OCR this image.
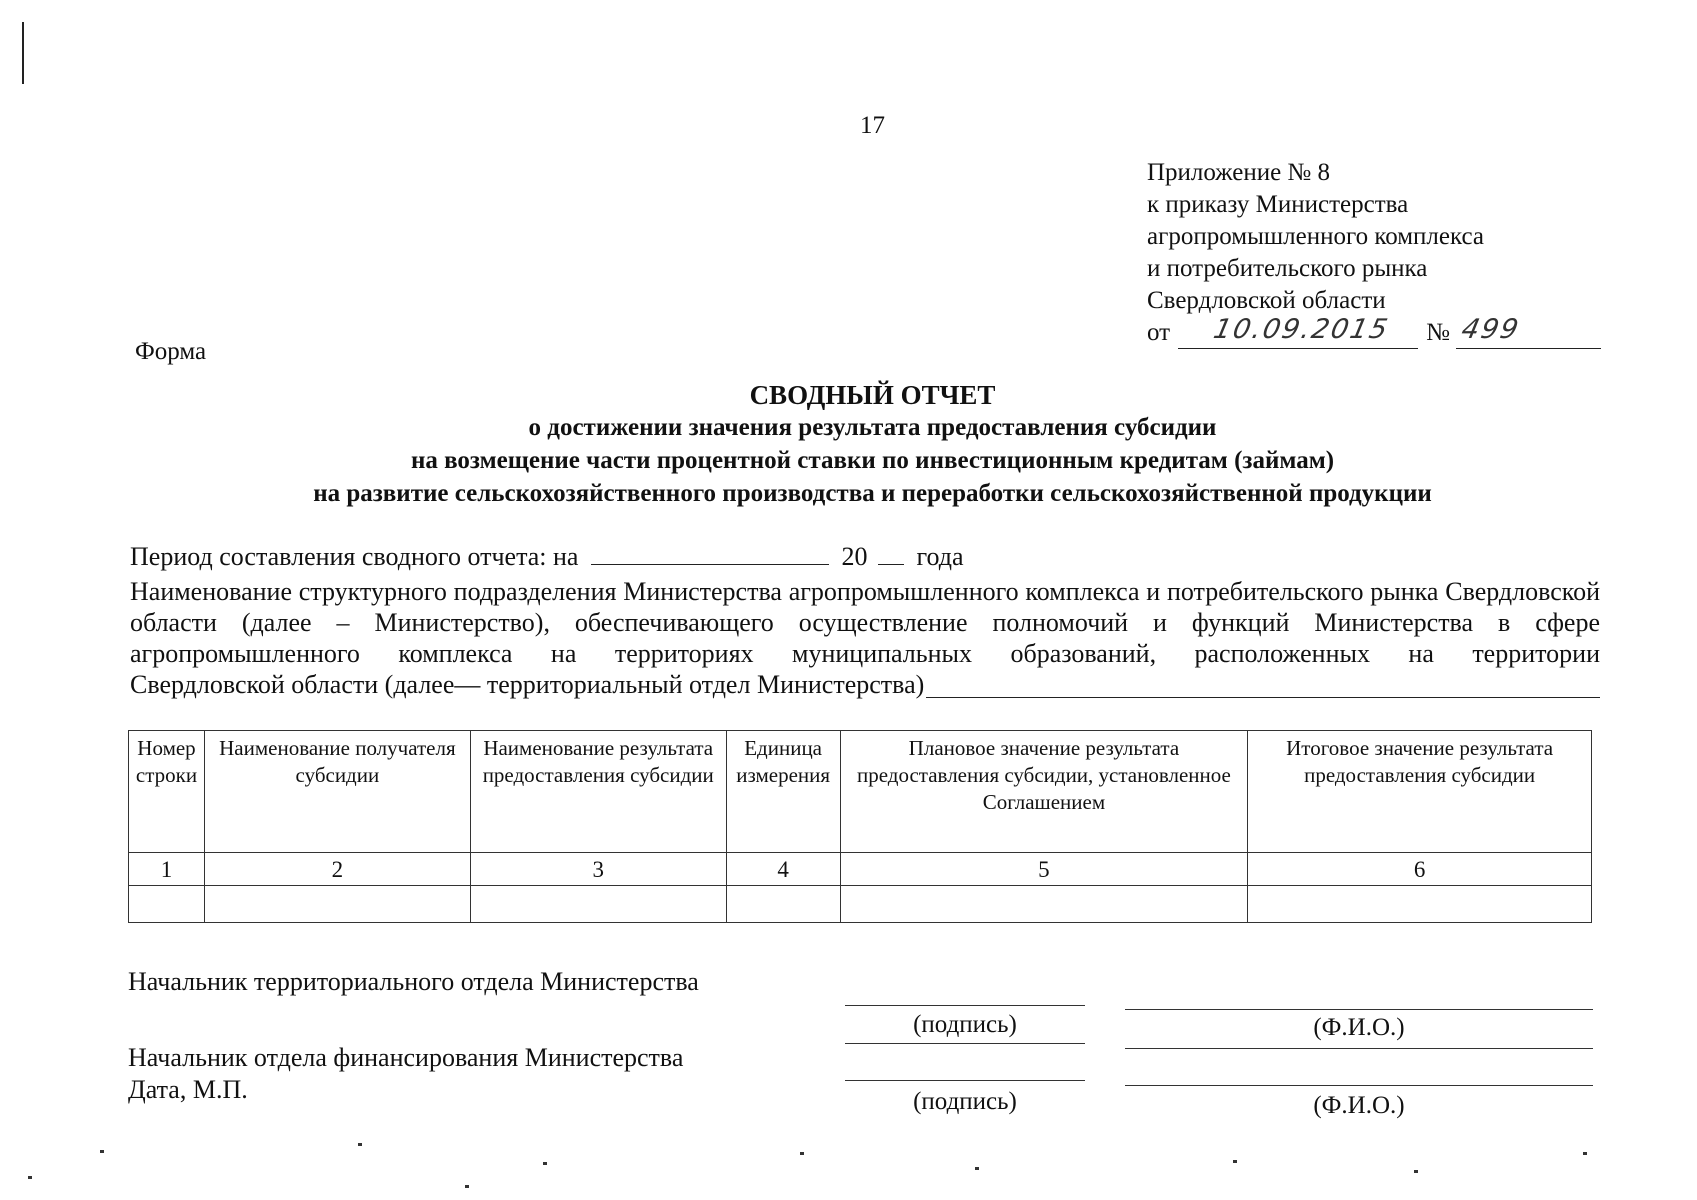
17
Приложение № 8
к приказу Министерства
агропромышленного комплекса
и потребительского рынка
Свердловской области
от 10.09.2015 № 499
Форма
СВОДНЫЙ ОТЧЕТ
о достижении значения результата предоставления субсидии
на возмещение части процентной ставки по инвестиционным кредитам (займам)
на развитие сельскохозяйственного производства и переработки сельскохозяйственной продукции
Период составления сводного отчета: на	20 года
Наименование структурного подразделения Министерства агропромышленного комплекса и потребительского рынка Свердловской области (далее – Министерство), обеспечивающего осуществление полномочий и функций Министерства в сфере агропромышленного комплекса на территориях муниципальных образований, расположенных на территории
Свердловской области (далее— территориальный отдел Министерства)
Номер строки	Наименование получателя субсидии	Наименование результата предоставления субсидии	Единица измерения	Плановое значение результата предоставления субсидии, установленное Соглашением	Итоговое значение результата предоставления субсидии
1	2	3	4	5	6

Начальник территориального отдела Министерства
(подпись)	(Ф.И.О.)
Начальник отдела финансирования Министерства
Дата, М.П.	(подпись)	(Ф.И.О.)
